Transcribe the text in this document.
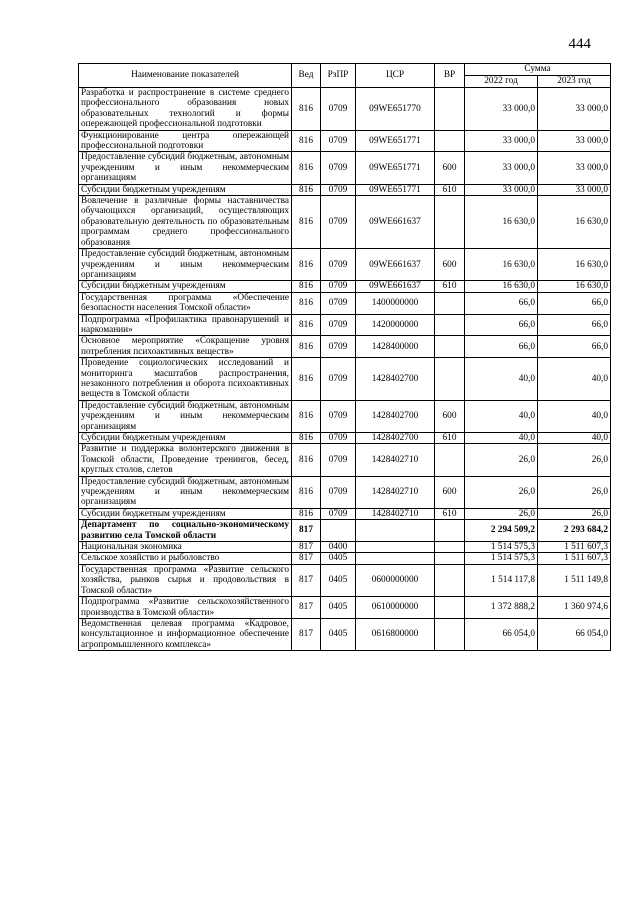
444
Наименование показателей	Вед	РзПР	ЦСР	ВР	Сумма	
					2022 год	2023 год
Разработка и распространение в системе среднего профессионального образования новых образовательных технологий и формы опережающей профессиональной подготовки	816	0709	09WE651770		33 000,0	33 000,0
Функционирование центра опережающей профессиональной подготовки	816	0709	09WE651771		33 000,0	33 000,0
Предоставление субсидий бюджетным, автономным учреждениям и иным некоммерческим организациям	816	0709	09WE651771	600	33 000,0	33 000,0
Субсидии бюджетным учреждениям	816	0709	09WE651771	610	33 000,0	33 000,0
Вовлечение в различные формы наставничества обучающихся организаций, осуществляющих образовательную деятельность по образовательным программам среднего профессионального образования	816	0709	09WE661637		16 630,0	16 630,0
Предоставление субсидий бюджетным, автономным учреждениям и иным некоммерческим организациям	816	0709	09WE661637	600	16 630,0	16 630,0
Субсидии бюджетным учреждениям	816	0709	09WE661637	610	16 630,0	16 630,0
Государственная программа «Обеспечение безопасности населения Томской области»	816	0709	1400000000		66,0	66,0
Подпрограмма «Профилактика правонарушений и наркомании»	816	0709	1420000000		66,0	66,0
Основное мероприятие «Сокращение уровня потребления психоактивных веществ»	816	0709	1428400000		66,0	66,0
Проведение социологических исследований и мониторинга масштабов распространения, незаконного потребления и оборота психоактивных веществ в Томской области	816	0709	1428402700		40,0	40,0
Предоставление субсидий бюджетным, автономным учреждениям и иным некоммерческим организациям	816	0709	1428402700	600	40,0	40,0
Субсидии бюджетным учреждениям	816	0709	1428402700	610	40,0	40,0
Развитие и поддержка волонтерского движения в Томской области, Проведение тренингов, бесед, круглых столов, слетов	816	0709	1428402710		26,0	26,0
Предоставление субсидий бюджетным, автономным учреждениям и иным некоммерческим организациям	816	0709	1428402710	600	26,0	26,0
Субсидии бюджетным учреждениям	816	0709	1428402710	610	26,0	26,0
Департамент по социально-экономическому развитию села Томской области	817				2 294 509,2	2 293 684,2
Национальная экономика	817	0400			1 514 575,3	1 511 607,3
Сельское хозяйство и рыболовство	817	0405			1 514 575,3	1 511 607,3
Государственная программа «Развитие сельского хозяйства, рынков сырья и продовольствия в Томской области»	817	0405	0600000000		1 514 117,8	1 511 149,8
Подпрограмма «Развитие сельскохозяйственного производства в Томской области»	817	0405	0610000000		1 372 888,2	1 360 974,6
Ведомственная целевая программа «Кадровое, консультационное и информационное обеспечение агропромышленного комплекса»	817	0405	0616800000		66 054,0	66 054,0
